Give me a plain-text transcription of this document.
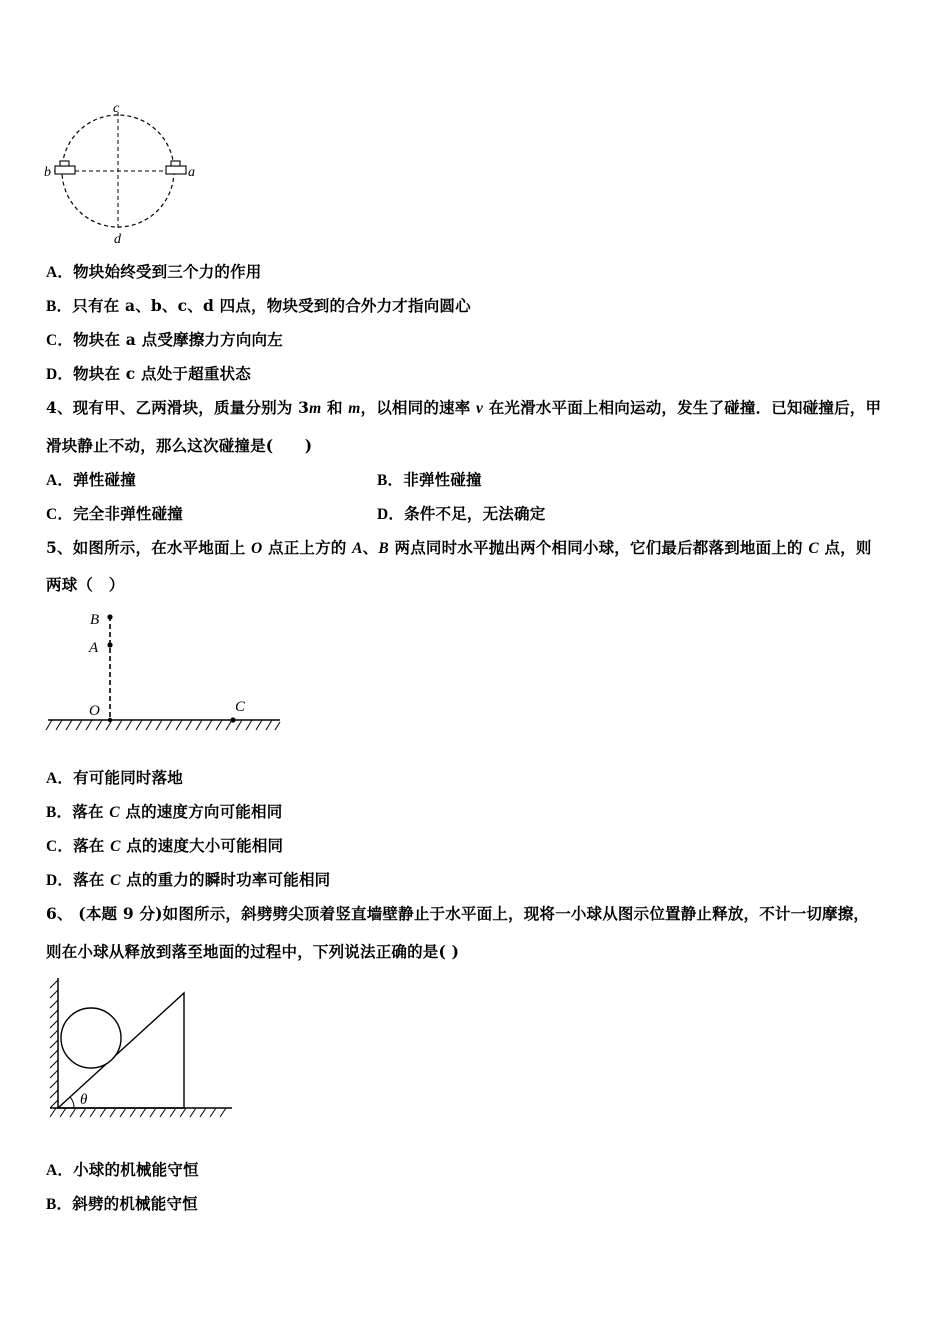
c
b	a
d
A．物块始终受到三个力的作用
B．只有在 a、b、c、d 四点，物块受到的合外力才指向圆心
C．物块在 a 点受摩擦力方向向左
D．物块在 c 点处于超重状态
4、现有甲、乙两滑块，质量分别为 3m 和 m，以相同的速率 v 在光滑水平面上相向运动，发生了碰撞．已知碰撞后，甲
滑块静止不动，那么这次碰撞是(　　)
A．弹性碰撞	B．非弹性碰撞
C．完全非弹性碰撞	D．条件不足，无法确定
5、如图所示，在水平地面上 O 点正上方的 A、B 两点同时水平抛出两个相同小球，它们最后都落到地面上的 C 点，则
两球（　）
B
A
O	C
A．有可能同时落地
B．落在 C 点的速度方向可能相同
C．落在 C 点的速度大小可能相同
D．落在 C 点的重力的瞬时功率可能相同
6、 (本题 9 分)如图所示，斜劈劈尖顶着竖直墙壁静止于水平面上，现将一小球从图示位置静止释放，不计一切摩擦，
则在小球从释放到落至地面的过程中，下列说法正确的是( )
θ
A．小球的机械能守恒
B．斜劈的机械能守恒
